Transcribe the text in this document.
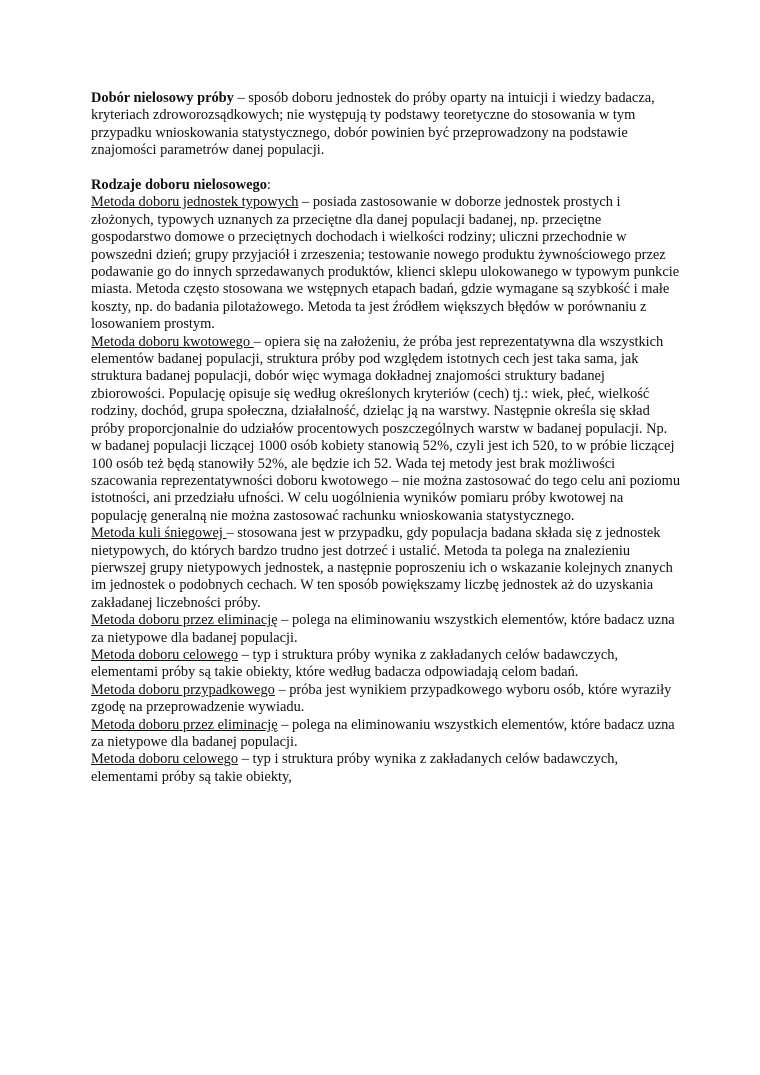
Dobór nielosowy próby – sposób doboru jednostek do próby oparty na intuicji i wiedzy badacza, kryteriach zdroworozsądkowych; nie występują ty podstawy teoretyczne do stosowania w tym przypadku wnioskowania statystycznego, dobór powinien być przeprowadzony na podstawie znajomości parametrów danej populacji.

Rodzaje doboru nielosowego:

Metoda doboru jednostek typowych – posiada zastosowanie w doborze jednostek prostych i złożonych, typowych uznanych za przeciętne dla danej populacji badanej, np. przeciętne gospodarstwo domowe o przeciętnych dochodach i wielkości rodziny; uliczni przechodnie w powszedni dzień; grupy przyjaciół i zrzeszenia; testowanie nowego produktu żywnościowego przez podawanie go do innych sprzedawanych produktów, klienci sklepu ulokowanego w typowym punkcie miasta. Metoda często stosowana we wstępnych etapach badań, gdzie wymagane są szybkość i małe koszty, np. do badania pilotażowego. Metoda ta jest źródłem większych błędów w porównaniu z losowaniem prostym.

Metoda doboru kwotowego – opiera się na założeniu, że próba jest reprezentatywna dla wszystkich elementów badanej populacji, struktura próby pod względem istotnych cech jest taka sama, jak struktura badanej populacji, dobór więc wymaga dokładnej znajomości struktury badanej zbiorowości. Populację opisuje się według określonych kryteriów (cech) tj.: wiek, płeć, wielkość rodziny, dochód, grupa społeczna, działalność, dzieląc ją na warstwy. Następnie określa się skład próby proporcjonalnie do udziałów procentowych poszczególnych warstw w badanej populacji. Np. w badanej populacji liczącej 1000 osób kobiety stanowią 52%, czyli jest ich 520, to w próbie liczącej 100 osób też będą stanowiły 52%, ale będzie ich 52. Wada tej metody jest brak możliwości szacowania reprezentatywności doboru kwotowego – nie można zastosować do tego celu ani poziomu istotności, ani przedziału ufności. W celu uogólnienia wyników pomiaru próby kwotowej na populację generalną nie można zastosować rachunku wnioskowania statystycznego.

Metoda kuli śniegowej – stosowana jest w przypadku, gdy populacja badana składa się z jednostek nietypowych, do których bardzo trudno jest dotrzeć i ustalić. Metoda ta polega na znalezieniu pierwszej grupy nietypowych jednostek, a następnie poproszeniu ich o wskazanie kolejnych znanych im jednostek o podobnych cechach. W ten sposób powiększamy liczbę jednostek aż do uzyskania zakładanej liczebności próby.

Metoda doboru przez eliminację – polega na eliminowaniu wszystkich elementów, które badacz uzna za nietypowe dla badanej populacji.

Metoda doboru celowego – typ i struktura próby wynika z zakładanych celów badawczych, elementami próby są takie obiekty, które według badacza odpowiadają celom badań.

Metoda doboru przypadkowego – próba jest wynikiem przypadkowego wyboru osób, które wyraziły zgodę na przeprowadzenie wywiadu.

Metoda doboru przez eliminację – polega na eliminowaniu wszystkich elementów, które badacz uzna za nietypowe dla badanej populacji.

Metoda doboru celowego – typ i struktura próby wynika z zakładanych celów badawczych, elementami próby są takie obiekty,
